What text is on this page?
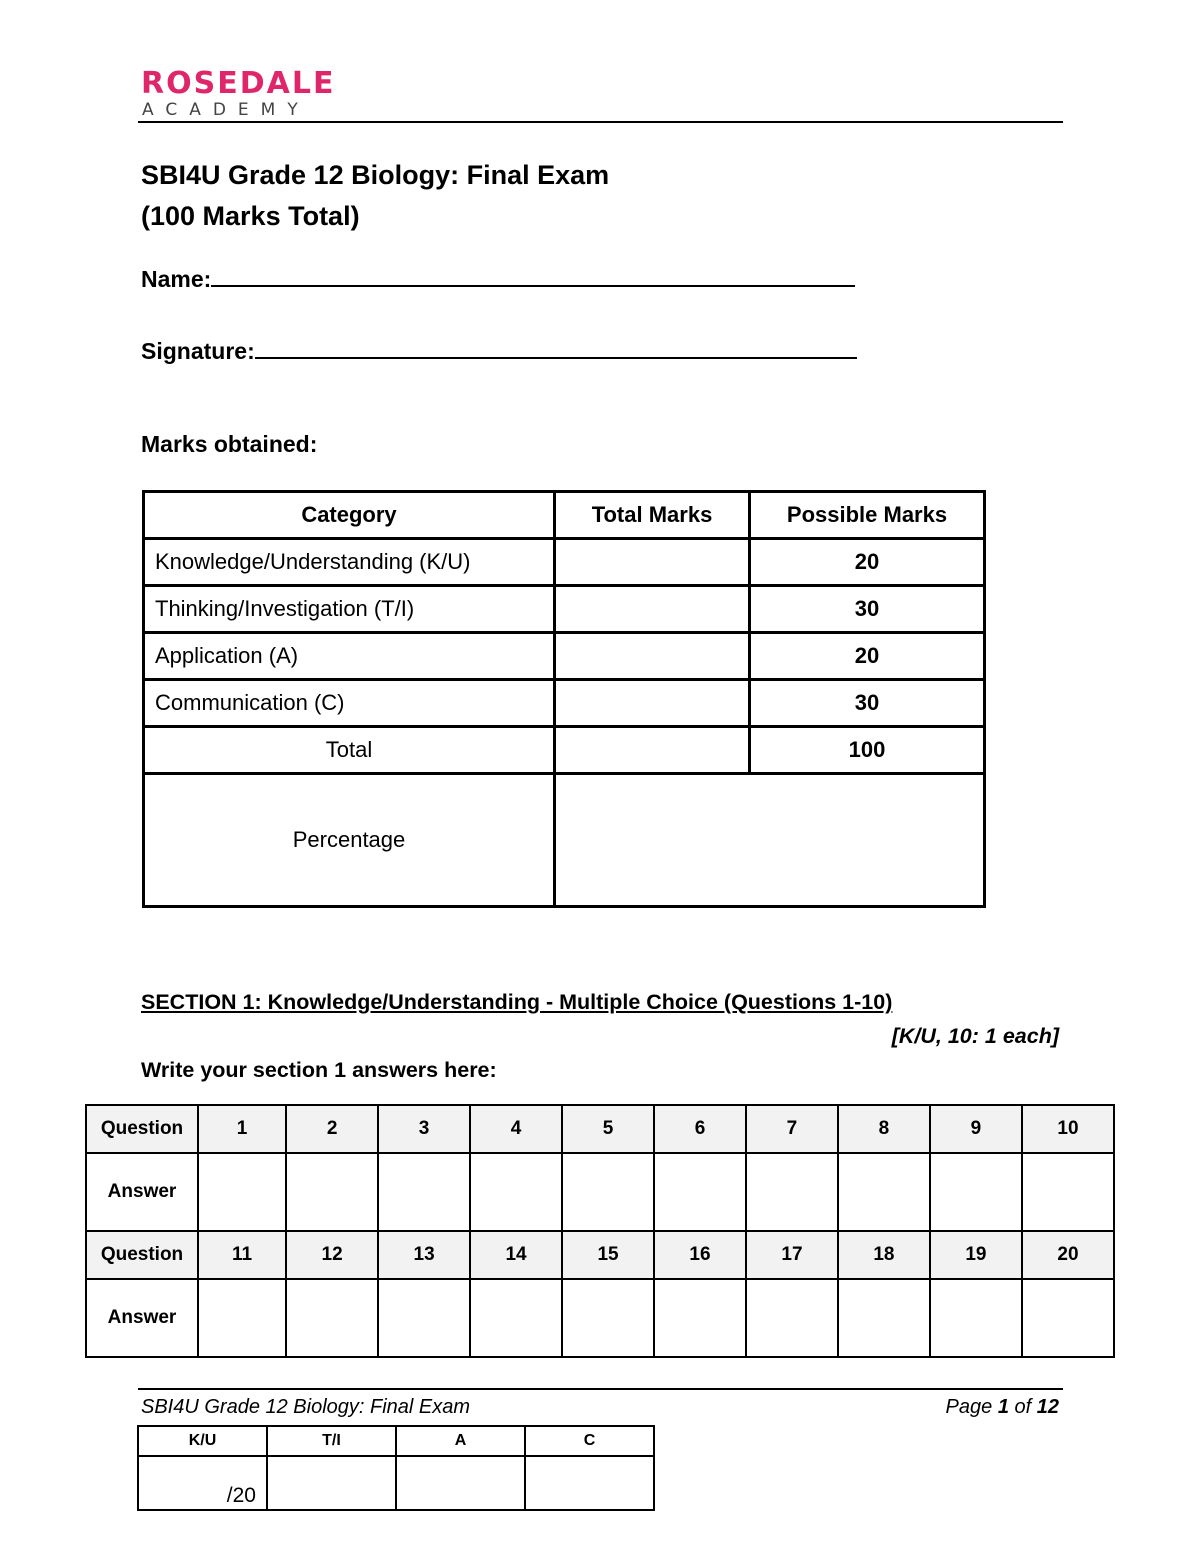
ROSEDALE
ACADEMY
SBI4U Grade 12 Biology: Final Exam
(100 Marks Total)
Name:
Signature:
Marks obtained:
Category	Total Marks	Possible Marks
Knowledge/Understanding (K/U)		20
Thinking/Investigation (T/I)		30
Application (A)		20
Communication (C)		30
Total		100
Percentage		
SECTION 1: Knowledge/Understanding - Multiple Choice (Questions 1-10)
[K/U, 10: 1 each]
Write your section 1 answers here:
Question	1	2	3	4	5	6	7	8	9	10
Answer										
Question	11	12	13	14	15	16	17	18	19	20
Answer										
SBI4U Grade 12 Biology: Final Exam	Page 1 of 12
K/U	T/I	A	C
/20			
